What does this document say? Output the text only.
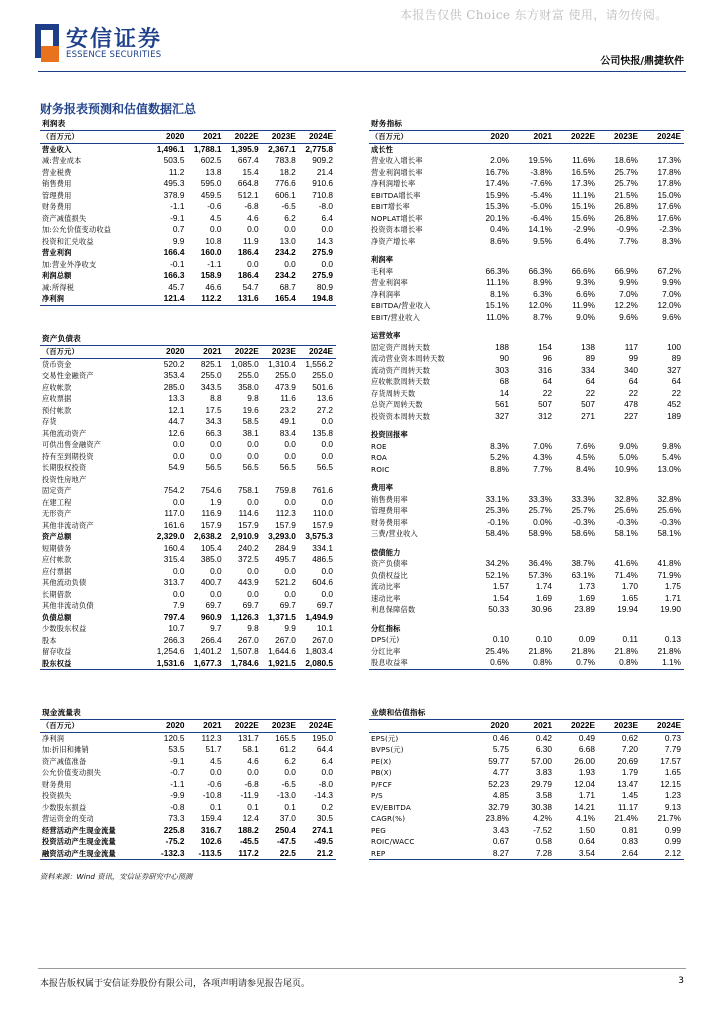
本报告仅供 Choice 东方财富 使用，请勿传阅。
安信证券
ESSENCE SECURITIES
公司快报/鼎捷软件
财务报表预测和估值数据汇总
利润表					
（百万元）	2020	2021	2022E	2023E	2024E
营业收入	1,496.1	1,788.1	1,395.9	2,367.1	2,775.8
减:营业成本	503.5	602.5	667.4	783.8	909.2
营业税费	11.2	13.8	15.4	18.2	21.4
销售费用	495.3	595.0	664.8	776.6	910.6
管理费用	378.9	459.5	512.1	606.1	710.8
财务费用	-1.1	-0.6	-6.8	-6.5	-8.0
资产减值损失	-9.1	4.5	4.6	6.2	6.4
加:公允价值变动收益	0.7	0.0	0.0	0.0	0.0
投资和汇兑收益	9.9	10.8	11.9	13.0	14.3
营业利润	166.4	160.0	186.4	234.2	275.9
加:营业外净收支	-0.1	-1.1	0.0	0.0	0.0
利润总额	166.3	158.9	186.4	234.2	275.9
减:所得税	45.7	46.6	54.7	68.7	80.9
净利润	121.4	112.2	131.6	165.4	194.8
资产负债表					
（百万元）	2020	2021	2022E	2023E	2024E
货币资金	520.2	825.1	1,085.0	1,310.4	1,556.2
交易性金融资产	353.4	255.0	255.0	255.0	255.0
应收帐款	285.0	343.5	358.0	473.9	501.6
应收票据	13.3	8.8	9.8	11.6	13.6
预付帐款	12.1	17.5	19.6	23.2	27.2
存货	44.7	34.3	58.5	49.1	0.0
其他流动资产	12.6	66.3	38.1	83.4	135.8
可供出售金融资产	0.0	0.0	0.0	0.0	0.0
持有至到期投资	0.0	0.0	0.0	0.0	0.0
长期股权投资	54.9	56.5	56.5	56.5	56.5
投资性房地产					
固定资产	754.2	754.6	758.1	759.8	761.6
在建工程	0.0	1.9	0.0	0.0	0.0
无形资产	117.0	116.9	114.6	112.3	110.0
其他非流动资产	161.6	157.9	157.9	157.9	157.9
资产总额	2,329.0	2,638.2	2,910.9	3,293.0	3,575.3
短期债务	160.4	105.4	240.2	284.9	334.1
应付帐款	315.4	385.0	372.5	495.7	486.5
应付票据	0.0	0.0	0.0	0.0	0.0
其他流动负债	313.7	400.7	443.9	521.2	604.6
长期借款	0.0	0.0	0.0	0.0	0.0
其他非流动负债	7.9	69.7	69.7	69.7	69.7
负债总额	797.4	960.9	1,126.3	1,371.5	1,494.9
少数股东权益	10.7	9.7	9.8	9.9	10.1
股本	266.3	266.4	267.0	267.0	267.0
留存收益	1,254.6	1,401.2	1,507.8	1,644.6	1,803.4
股东权益	1,531.6	1,677.3	1,784.6	1,921.5	2,080.5
财务指标					
（百万元）	2020	2021	2022E	2023E	2024E
成长性					
营业收入增长率	2.0%	19.5%	11.6%	18.6%	17.3%
营业利润增长率	16.7%	-3.8%	16.5%	25.7%	17.8%
净利润增长率	17.4%	-7.6%	17.3%	25.7%	17.8%
EBITDA增长率	15.9%	-5.4%	11.1%	21.5%	15.0%
EBIT增长率	15.3%	-5.0%	15.1%	26.8%	17.6%
NOPLAT增长率	20.1%	-6.4%	15.6%	26.8%	17.6%
投资资本增长率	0.4%	14.1%	-2.9%	-0.9%	-2.3%
净资产增长率	8.6%	9.5%	6.4%	7.7%	8.3%

利润率					
毛利率	66.3%	66.3%	66.6%	66.9%	67.2%
营业利润率	11.1%	8.9%	9.3%	9.9%	9.9%
净利润率	8.1%	6.3%	6.6%	7.0%	7.0%
EBITDA/营业收入	15.1%	12.0%	11.9%	12.2%	12.0%
EBIT/营业收入	11.0%	8.7%	9.0%	9.6%	9.6%

运营效率					
固定资产周转天数	188	154	138	117	100
流动营业资本周转天数	90	96	89	99	89
流动资产周转天数	303	316	334	340	327
应收帐款周转天数	68	64	64	64	64
存货周转天数	14	22	22	22	22
总资产周转天数	561	507	507	478	452
投资资本周转天数	327	312	271	227	189

投资回报率					
ROE	8.3%	7.0%	7.6%	9.0%	9.8%
ROA	5.2%	4.3%	4.5%	5.0%	5.4%
ROIC	8.8%	7.7%	8.4%	10.9%	13.0%

费用率					
销售费用率	33.1%	33.3%	33.3%	32.8%	32.8%
管理费用率	25.3%	25.7%	25.7%	25.6%	25.6%
财务费用率	-0.1%	0.0%	-0.3%	-0.3%	-0.3%
三费/营业收入	58.4%	58.9%	58.6%	58.1%	58.1%

偿债能力					
资产负债率	34.2%	36.4%	38.7%	41.6%	41.8%
负债权益比	52.1%	57.3%	63.1%	71.4%	71.9%
流动比率	1.57	1.74	1.73	1.70	1.75
速动比率	1.54	1.69	1.69	1.65	1.71
利息保障倍数	50.33	30.96	23.89	19.94	19.90

分红指标					
DPS(元)	0.10	0.10	0.09	0.11	0.13
分红比率	25.4%	21.8%	21.8%	21.8%	21.8%
股息收益率	0.6%	0.8%	0.7%	0.8%	1.1%
现金流量表					
（百万元）	2020	2021	2022E	2023E	2024E
净利润	120.5	112.3	131.7	165.5	195.0
加:折旧和摊销	53.5	51.7	58.1	61.2	64.4
资产减值准备	-9.1	4.5	4.6	6.2	6.4
公允价值变动损失	-0.7	0.0	0.0	0.0	0.0
财务费用	-1.1	-0.6	-6.8	-6.5	-8.0
投资损失	-9.9	-10.8	-11.9	-13.0	-14.3
少数股东损益	-0.8	0.1	0.1	0.1	0.2
营运资金的变动	73.3	159.4	12.4	37.0	30.5
经营活动产生现金流量	225.8	316.7	188.2	250.4	274.1
投资活动产生现金流量	-75.2	102.6	-45.5	-47.5	-49.5
融资活动产生现金流量	-132.3	-113.5	117.2	22.5	21.2
业绩和估值指标					
	2020	2021	2022E	2023E	2024E
EPS(元)	0.46	0.42	0.49	0.62	0.73
BVPS(元)	5.75	6.30	6.68	7.20	7.79
PE(X)	59.77	57.00	26.00	20.69	17.57
PB(X)	4.77	3.83	1.93	1.79	1.65
P/FCF	52.23	29.79	12.04	13.47	12.15
P/S	4.85	3.58	1.71	1.45	1.23
EV/EBITDA	32.79	30.38	14.21	11.17	9.13
CAGR(%)	23.8%	4.2%	4.1%	21.4%	21.7%
PEG	3.43	-7.52	1.50	0.81	0.99
ROIC/WACC	0.67	0.58	0.64	0.83	0.99
REP	8.27	7.28	3.54	2.64	2.12
资料来源：Wind 资讯，安信证券研究中心预测
本报告版权属于安信证券股份有限公司，各项声明请参见报告尾页。	3
